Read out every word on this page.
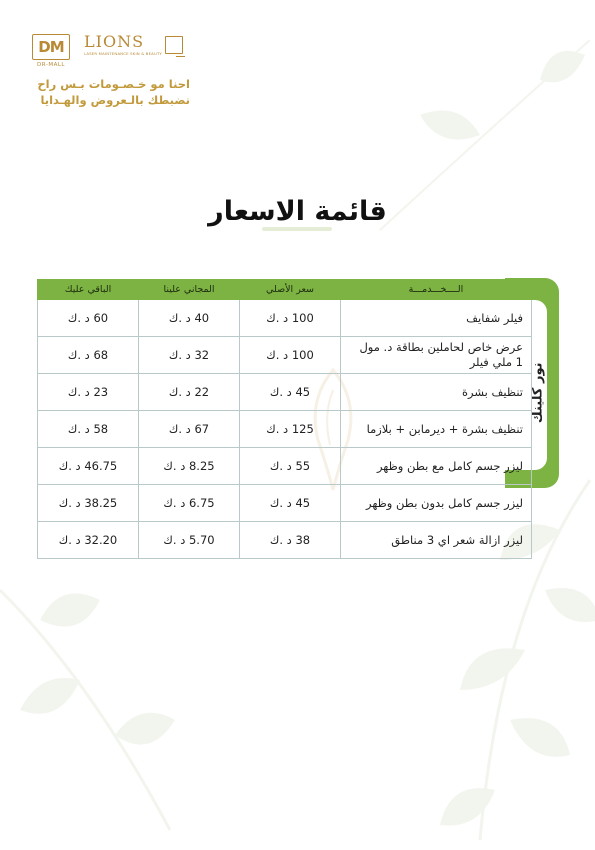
DM
DR-MALL
LIONS
LASER MAINTENANCE SKIN & BEAUTY
احنا مو خـصـومات بـس راح
نضبطك بالـعروض والهـدايا
قائمة الاسعار
نور كلينك
الــــخـــدمـــة	سعر الأصلي	المجاني علينا	الباقي عليك
فيلر شفايف	100 د .ك	40 د .ك	60 د .ك
عرض خاص لحاملين بطاقة د. مول 1 ملي فيلر	100 د .ك	32 د .ك	68 د .ك
تنظيف بشرة	45 د .ك	22 د .ك	23 د .ك
تنظيف بشرة + ديرمابن + بلازما	125 د .ك	67 د .ك	58 د .ك
ليزر جسم كامل مع بطن وظهر	55 د .ك	8.25 د .ك	46.75 د .ك
ليزر جسم كامل بدون بطن وظهر	45 د .ك	6.75 د .ك	38.25 د .ك
ليزر ازالة شعر اي 3 مناطق	38 د .ك	5.70 د .ك	32.20 د .ك
